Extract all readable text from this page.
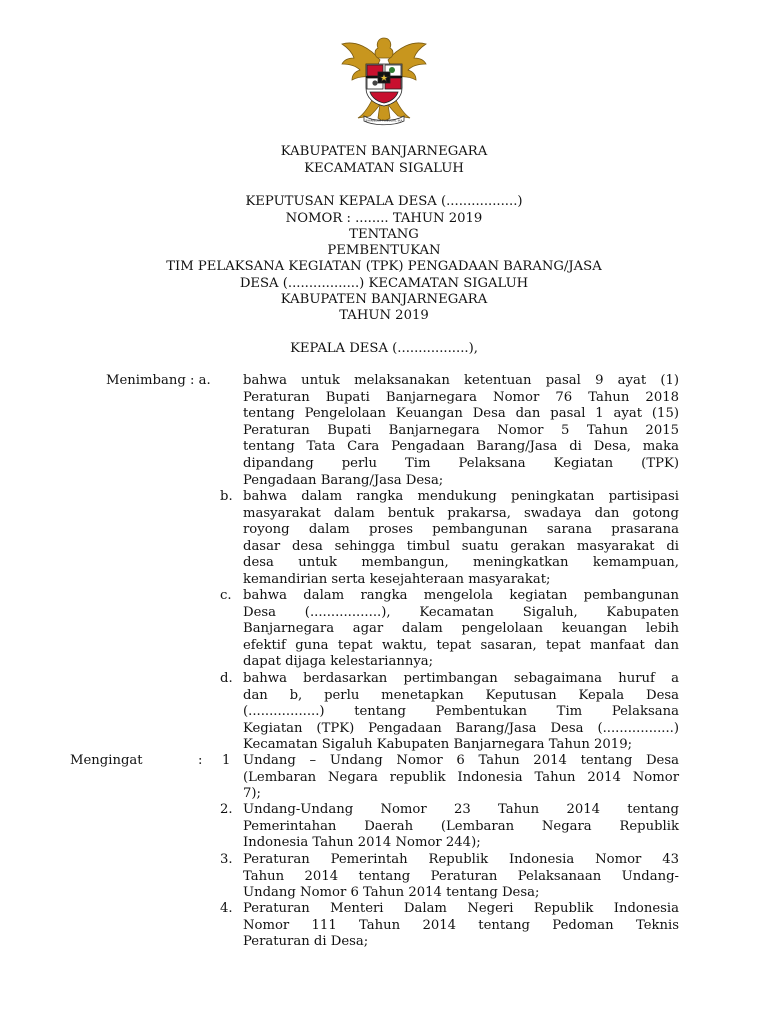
BHINNEKA TUNGGAL IKA
KABUPATEN BANJARNEGARA
KECAMATAN SIGALUH
KEPUTUSAN KEPALA DESA (.................)
NOMOR : ........ TAHUN 2019
TENTANG
PEMBENTUKAN
TIM PELAKSANA KEGIATAN (TPK) PENGADAAN BARANG/JASA
DESA (.................) KECAMATAN SIGALUH
KABUPATEN BANJARNEGARA
TAHUN 2019
KEPALA DESA (.................),
Menimbang : a. bahwa untuk melaksanakan ketentuan pasal 9 ayat (1)
Peraturan Bupati Banjarnegara Nomor 76 Tahun 2018
tentang Pengelolaan Keuangan Desa dan pasal 1 ayat (15)
Peraturan Bupati Banjarnegara Nomor 5 Tahun 2015
tentang Tata Cara Pengadaan Barang/Jasa di Desa, maka
dipandang perlu Tim Pelaksana Kegiatan (TPK)
Pengadaan Barang/Jasa Desa;
b. bahwa dalam rangka mendukung peningkatan partisipasi
masyarakat dalam bentuk prakarsa, swadaya dan gotong
royong dalam proses pembangunan sarana prasarana
dasar desa sehingga timbul suatu gerakan masyarakat di
desa untuk membangun, meningkatkan kemampuan,
kemandirian serta kesejahteraan masyarakat;
c. bahwa dalam rangka mengelola kegiatan pembangunan
Desa (.................), Kecamatan Sigaluh, Kabupaten
Banjarnegara agar dalam pengelolaan keuangan lebih
efektif guna tepat waktu, tepat sasaran, tepat manfaat dan
dapat dijaga kelestariannya;
d. bahwa berdasarkan pertimbangan sebagaimana huruf a
dan b, perlu menetapkan Keputusan Kepala Desa
(.................) tentang Pembentukan Tim Pelaksana
Kegiatan (TPK) Pengadaan Barang/Jasa Desa (.................)
Kecamatan Sigaluh Kabupaten Banjarnegara Tahun 2019;
Mengingat	: 1 Undang – Undang Nomor 6 Tahun 2014 tentang Desa
(Lembaran Negara republik Indonesia Tahun 2014 Nomor
7);
2. Undang-Undang Nomor 23 Tahun 2014 tentang
Pemerintahan Daerah (Lembaran Negara Republik
Indonesia Tahun 2014 Nomor 244);
3. Peraturan Pemerintah Republik Indonesia Nomor 43
Tahun 2014 tentang Peraturan Pelaksanaan Undang-
Undang Nomor 6 Tahun 2014 tentang Desa;
4. Peraturan Menteri Dalam Negeri Republik Indonesia
Nomor 111 Tahun 2014 tentang Pedoman Teknis
Peraturan di Desa;
